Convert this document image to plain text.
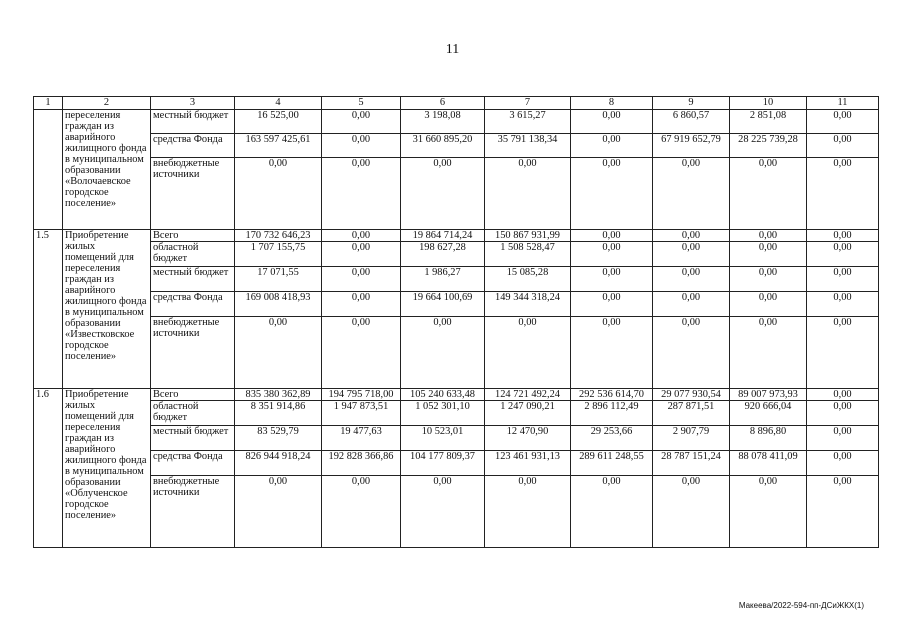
11
1	2	3	4	5	6	7	8	9	10	11
	переселения граждан из аварийного жилищного фонда в муниципальном образовании «Волочаевское городское поселение»	местный бюджет	16 525,00	0,00	3 198,08	3 615,27	0,00	6 860,57	2 851,08	0,00
		средства Фонда	163 597 425,61	0,00	31 660 895,20	35 791 138,34	0,00	67 919 652,79	28 225 739,28	0,00
		внебюджетные источники	0,00	0,00	0,00	0,00	0,00	0,00	0,00	0,00
1.5	Приобретение жилых помещений для переселения граждан из аварийного жилищного фонда в муниципальном образовании «Известковское городское поселение»	Всего	170 732 646,23	0,00	19 864 714,24	150 867 931,99	0,00	0,00	0,00	0,00
		областной бюджет	1 707 155,75	0,00	198 627,28	1 508 528,47	0,00	0,00	0,00	0,00
		местный бюджет	17 071,55	0,00	1 986,27	15 085,28	0,00	0,00	0,00	0,00
		средства Фонда	169 008 418,93	0,00	19 664 100,69	149 344 318,24	0,00	0,00	0,00	0,00
		внебюджетные источники	0,00	0,00	0,00	0,00	0,00	0,00	0,00	0,00
1.6	Приобретение жилых помещений для переселения граждан из аварийного жилищного фонда в муниципальном образовании «Облученское городское поселение»	Всего	835 380 362,89	194 795 718,00	105 240 633,48	124 721 492,24	292 536 614,70	29 077 930,54	89 007 973,93	0,00
		областной бюджет	8 351 914,86	1 947 873,51	1 052 301,10	1 247 090,21	2 896 112,49	287 871,51	920 666,04	0,00
		местный бюджет	83 529,79	19 477,63	10 523,01	12 470,90	29 253,66	2 907,79	8 896,80	0,00
		средства Фонда	826 944 918,24	192 828 366,86	104 177 809,37	123 461 931,13	289 611 248,55	28 787 151,24	88 078 411,09	0,00
		внебюджетные источники	0,00	0,00	0,00	0,00	0,00	0,00	0,00	0,00
Макеева/2022-594-пп-ДСиЖКХ(1)
